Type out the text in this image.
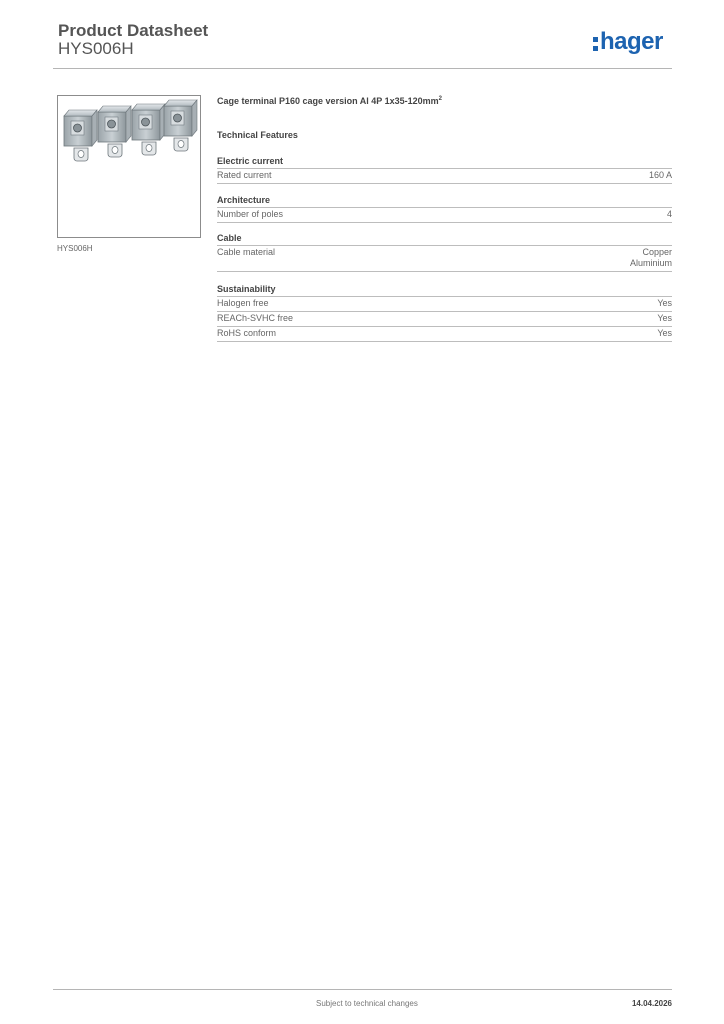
Product Datasheet
HYS006H	hager
HYS006H
Cage terminal P160 cage version Al 4P $1x35-120mm^2$
Technical Features
Electric current
Rated current	160 A
Architecture
Number of poles	4
Cable
Cable material	Copper
Aluminium
Sustainability
Halogen free	Yes
REACh-SVHC free	Yes
RoHS conform	Yes
Subject to technical changes	14.04.2026
